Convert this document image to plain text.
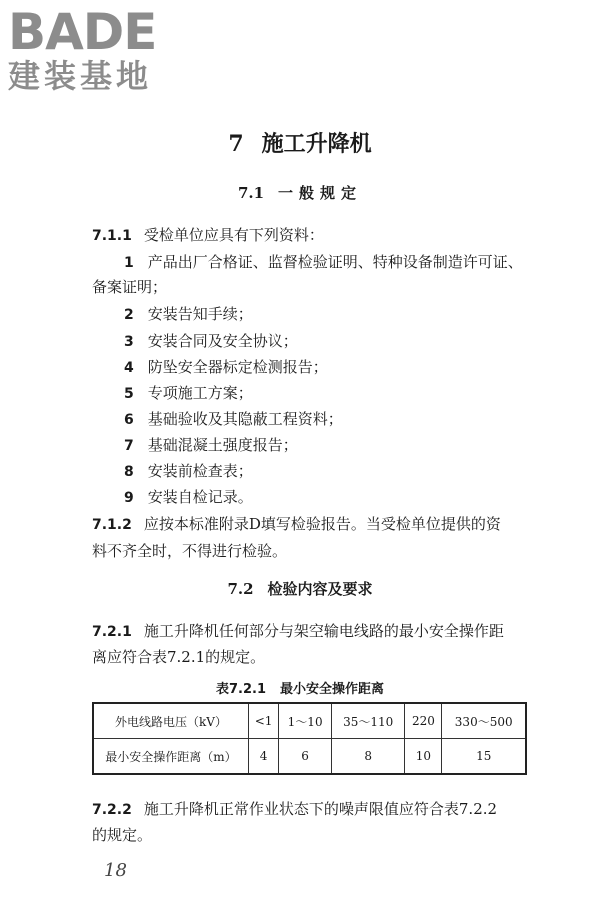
BADE
建装基地
7 施工升降机
7.1 一般规定
7.1.1 受检单位应具有下列资料：
1 产品出厂合格证、监督检验证明、特种设备制造许可证、
备案证明；
2 安装告知手续；
3 安装合同及安全协议；
4 防坠安全器标定检测报告；
5 专项施工方案；
6 基础验收及其隐蔽工程资料；
7 基础混凝土强度报告；
8 安装前检查表；
9 安装自检记录。
7.1.2 应按本标准附录D填写检验报告。当受检单位提供的资
料不齐全时，不得进行检验。
7.2 检验内容及要求
7.2.1 施工升降机任何部分与架空输电线路的最小安全操作距
离应符合表7.2.1的规定。
表7.2.1 最小安全操作距离
外电线路电压（kV）	<1	1～10	35～110	220	330～500
最小安全操作距离（m）	4	6	8	10	15
7.2.2 施工升降机正常作业状态下的噪声限值应符合表7.2.2
的规定。
18
